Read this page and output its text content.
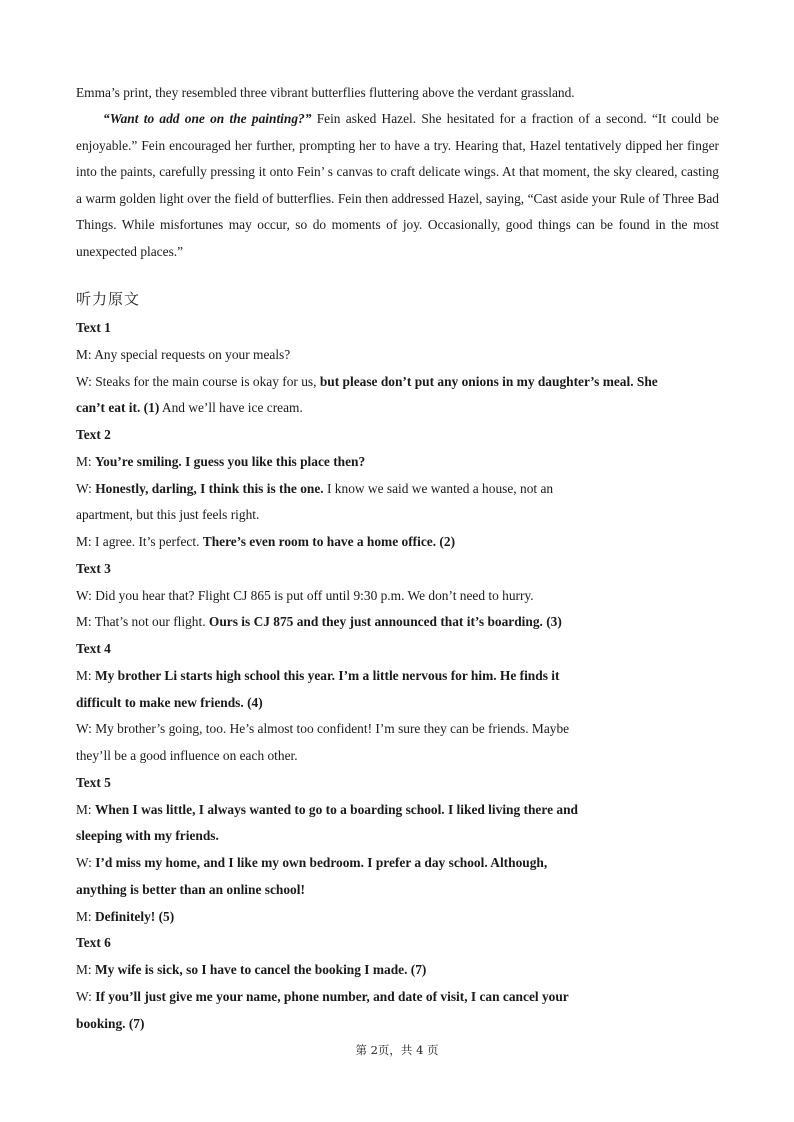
Emma’s print, they resembled three vibrant butterflies fluttering above the verdant grassland.

“Want to add one on the painting?” Fein asked Hazel. She hesitated for a fraction of a second. “It could be enjoyable.” Fein encouraged her further, prompting her to have a try. Hearing that, Hazel tentatively dipped her finger into the paints, carefully pressing it onto Fein’ s canvas to craft delicate wings. At that moment, the sky cleared, casting a warm golden light over the field of butterflies. Fein then addressed Hazel, saying, “Cast aside your Rule of Three Bad Things. While misfortunes may occur, so do moments of joy. Occasionally, good things can be found in the most unexpected places.”

听力原文
Text 1
M: Any special requests on your meals?
W: Steaks for the main course is okay for us, but please don’t put any onions in my daughter’s meal. She
can’t eat it. (1) And we’ll have ice cream.
Text 2
M: You’re smiling. I guess you like this place then?
W: Honestly, darling, I think this is the one. I know we said we wanted a house, not an
apartment, but this just feels right.
M: I agree. It’s perfect. There’s even room to have a home office. (2)
Text 3
W: Did you hear that? Flight CJ 865 is put off until 9:30 p.m. We don’t need to hurry.
M: That’s not our flight. Ours is CJ 875 and they just announced that it’s boarding. (3)
Text 4
M: My brother Li starts high school this year. I’m a little nervous for him. He finds it
difficult to make new friends. (4)
W: My brother’s going, too. He’s almost too confident! I’m sure they can be friends. Maybe
they’ll be a good influence on each other.
Text 5
M: When I was little, I always wanted to go to a boarding school. I liked living there and
sleeping with my friends.
W: I’d miss my home, and I like my own bedroom. I prefer a day school. Although,
anything is better than an online school!
M: Definitely! (5)
Text 6
M: My wife is sick, so I have to cancel the booking I made. (7)
W: If you’ll just give me your name, phone number, and date of visit, I can cancel your
booking. (7)
第 2页，共 4 页
